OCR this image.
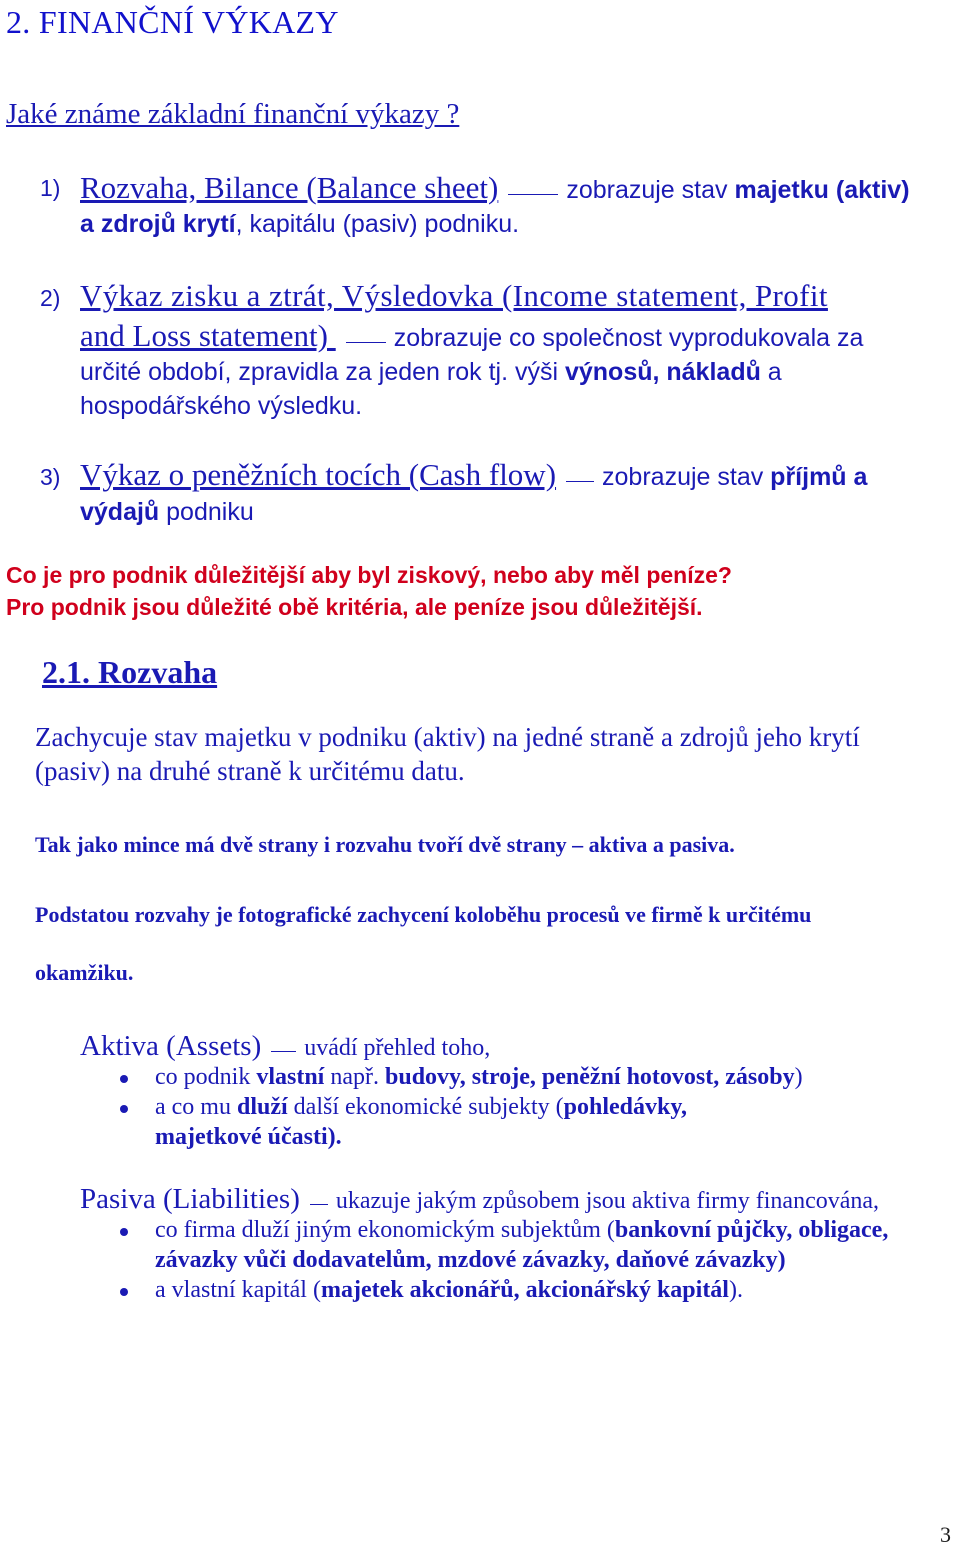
2. FINANČNÍ VÝKAZY
Jaké známe základní finanční výkazy ?
1) Rozvaha, Bilance (Balance sheet)	zobrazuje stav majetku (aktiv)
a zdrojů krytí, kapitálu (pasiv) podniku.
2) Výkaz zisku a ztrát, Výsledovka (Income statement, Profit
and Loss statement) zobrazuje co společnost vyprodukovala za
určité období, zpravidla za jeden rok tj. výši výnosů, nákladů a
hospodářského výsledku.
3) Výkaz o peněžních tocích (Cash flow) zobrazuje stav příjmů a
výdajů podniku
Co je pro podnik důležitější aby byl ziskový, nebo aby měl peníze?
Pro podnik jsou důležité obě kritéria, ale peníze jsou důležitější.
2.1. Rozvaha
Zachycuje stav majetku v podniku (aktiv) na jedné straně a zdrojů jeho krytí
(pasiv) na druhé straně k určitému datu.
Tak jako mince má dvě strany i rozvahu tvoří dvě strany – aktiva a pasiva.
Podstatou rozvahy je fotografické zachycení koloběhu procesů ve firmě k určitému
okamžiku.
Aktiva (Assets) uvádí přehled toho,
co podnik vlastní např. budovy, stroje, peněžní hotovost, zásoby)
a co mu dluží další ekonomické subjekty (pohledávky,
majetkové účasti).
Pasiva (Liabilities) ukazuje jakým způsobem jsou aktiva firmy financována,
co firma dluží jiným ekonomickým subjektům (bankovní půjčky, obligace,
závazky vůči dodavatelům, mzdové závazky, daňové závazky)
a vlastní kapitál (majetek akcionářů, akcionářský kapitál).
3
